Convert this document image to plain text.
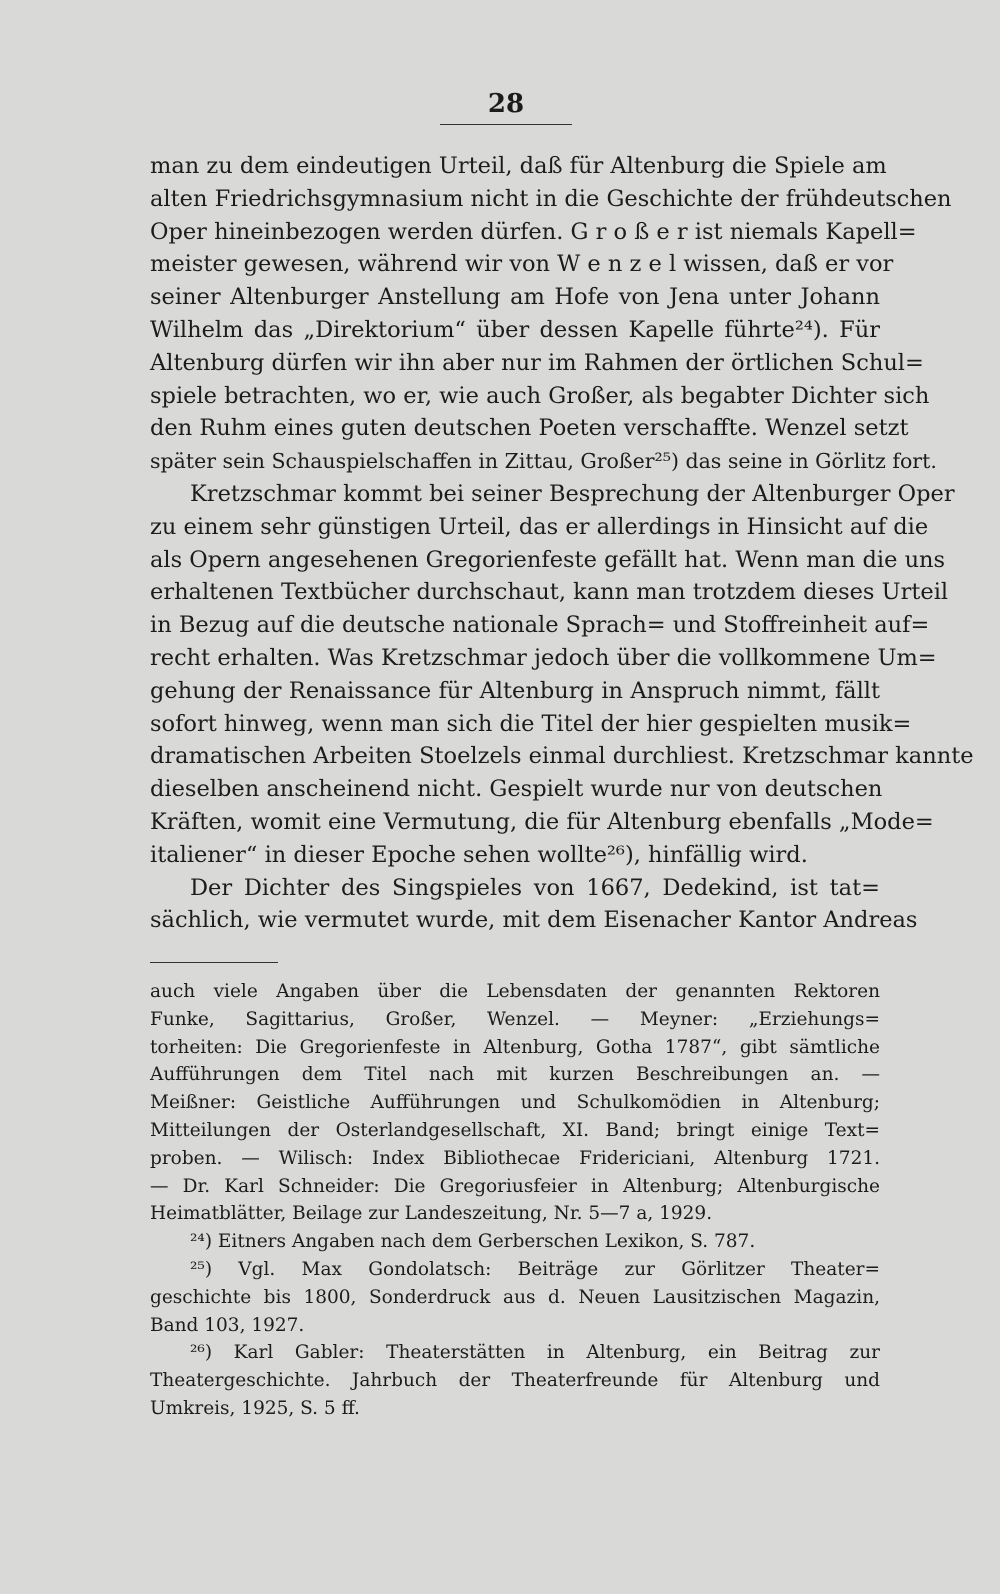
28
man zu dem eindeutigen Urteil, daß für Altenburg die Spiele am
alten Friedrichsgymnasium nicht in die Geschichte der frühdeutschen
Oper hineinbezogen werden dürfen. G r o ß e r ist niemals Kapell=
meister gewesen, während wir von W e n z e l wissen, daß er vor
seiner Altenburger Anstellung am Hofe von Jena unter Johann
Wilhelm das „Direktorium“ über dessen Kapelle führte²⁴). Für
Altenburg dürfen wir ihn aber nur im Rahmen der örtlichen Schul=
spiele betrachten, wo er, wie auch Großer, als begabter Dichter sich
den Ruhm eines guten deutschen Poeten verschaffte. Wenzel setzt
später sein Schauspielschaffen in Zittau, Großer²⁵) das seine in Görlitz fort.
Kretzschmar kommt bei seiner Besprechung der Altenburger Oper
zu einem sehr günstigen Urteil, das er allerdings in Hinsicht auf die
als Opern angesehenen Gregorienfeste gefällt hat. Wenn man die uns
erhaltenen Textbücher durchschaut, kann man trotzdem dieses Urteil
in Bezug auf die deutsche nationale Sprach= und Stoffreinheit auf=
recht erhalten. Was Kretzschmar jedoch über die vollkommene Um=
gehung der Renaissance für Altenburg in Anspruch nimmt, fällt
sofort hinweg, wenn man sich die Titel der hier gespielten musik=
dramatischen Arbeiten Stoelzels einmal durchliest. Kretzschmar kannte
dieselben anscheinend nicht. Gespielt wurde nur von deutschen
Kräften, womit eine Vermutung, die für Altenburg ebenfalls „Mode=
italiener“ in dieser Epoche sehen wollte²⁶), hinfällig wird.
Der Dichter des Singspieles von 1667, Dedekind, ist tat=
sächlich, wie vermutet wurde, mit dem Eisenacher Kantor Andreas
auch viele Angaben über die Lebensdaten der genannten Rektoren
Funke, Sagittarius, Großer, Wenzel. — Meyner: „Erziehungs=
torheiten: Die Gregorienfeste in Altenburg, Gotha 1787“, gibt sämtliche
Aufführungen dem Titel nach mit kurzen Beschreibungen an. —
Meißner: Geistliche Aufführungen und Schulkomödien in Altenburg;
Mitteilungen der Osterlandgesellschaft, XI. Band; bringt einige Text=
proben. — Wilisch: Index Bibliothecae Fridericiani, Altenburg 1721.
— Dr. Karl Schneider: Die Gregoriusfeier in Altenburg; Altenburgische
Heimatblätter, Beilage zur Landeszeitung, Nr. 5—7 a, 1929.
²⁴) Eitners Angaben nach dem Gerberschen Lexikon, S. 787.
²⁵) Vgl. Max Gondolatsch: Beiträge zur Görlitzer Theater=
geschichte bis 1800, Sonderdruck aus d. Neuen Lausitzischen Magazin,
Band 103, 1927.
²⁶) Karl Gabler: Theaterstätten in Altenburg, ein Beitrag zur
Theatergeschichte. Jahrbuch der Theaterfreunde für Altenburg und
Umkreis, 1925, S. 5 ff.
